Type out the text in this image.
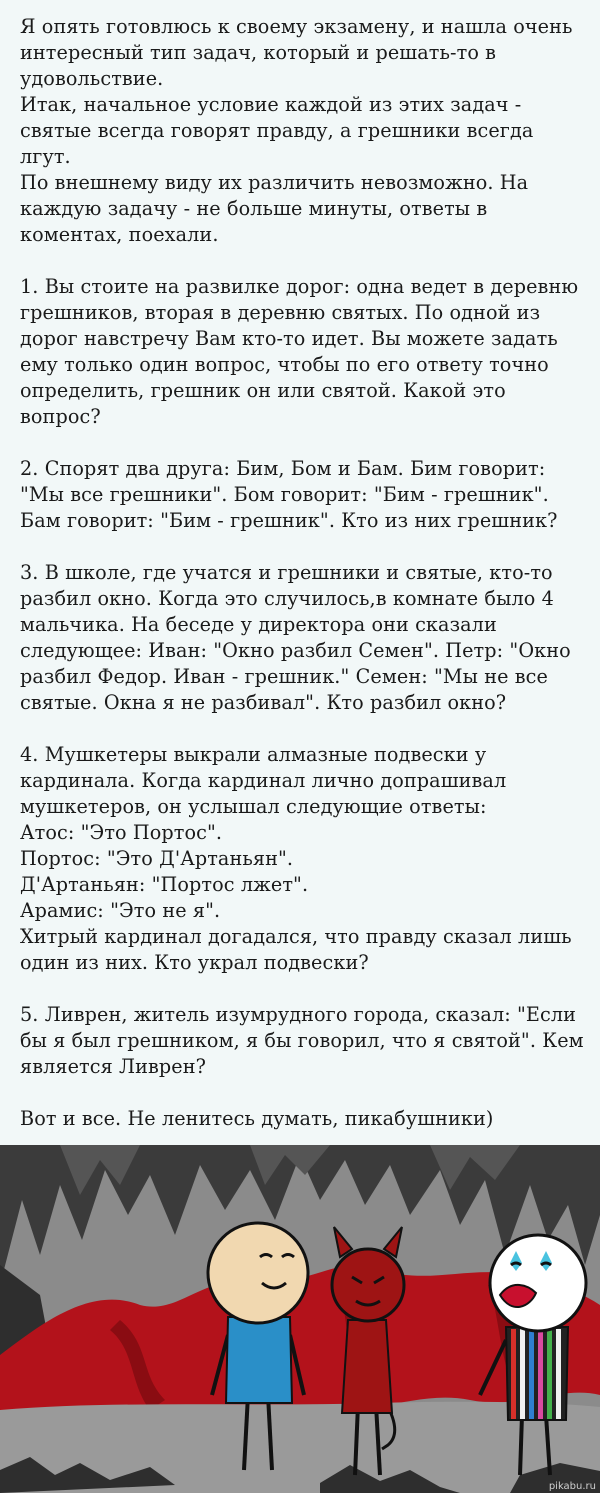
Я опять готовлюсь к своему экзамену, и нашла очень

интересный тип задач, который и решать-то в

удовольствие.

Итак, начальное условие каждой из этих задач -

святые всегда говорят правду, а грешники всегда лгут.

По внешнему виду их различить невозможно. На

каждую задачу - не больше минуты, ответы в

коментах, поехали.

1. Вы стоите на развилке дорог: одна ведет в деревню

грешников, вторая в деревню святых. По одной из

дорог навстречу Вам кто-то идет. Вы можете задать

ему только один вопрос, чтобы по его ответу точно

определить, грешник он или святой. Какой это

вопрос?

2. Спорят два друга: Бим, Бом и Бам. Бим говорит:

"Мы все грешники". Бом говорит: "Бим - грешник".

Бам говорит: "Бим - грешник". Кто из них грешник?

3. В школе, где учатся и грешники и святые, кто-то

разбил окно. Когда это случилось,в комнате было 4

мальчика. На беседе у директора они сказали

следующее: Иван: "Окно разбил Семен". Петр: "Окно

разбил Федор. Иван - грешник." Семен: "Мы не все

святые. Окна я не разбивал". Кто разбил окно?

4. Мушкетеры выкрали алмазные подвески у

кардинала. Когда кардинал лично допрашивал

мушкетеров, он услышал следующие ответы:

Атос: "Это Портос".

Портос: "Это Д'Артаньян".

Д'Артаньян: "Портос лжет".

Арамис: "Это не я".

Хитрый кардинал догадался, что правду сказал лишь

один из них. Кто украл подвески?

5. Ливрен, житель изумрудного города, сказал: "Если

бы я был грешником, я бы говорил, что я святой". Кем

является Ливрен?

Вот и все. Не ленитесь думать, пикабушники)

pikabu.ru
